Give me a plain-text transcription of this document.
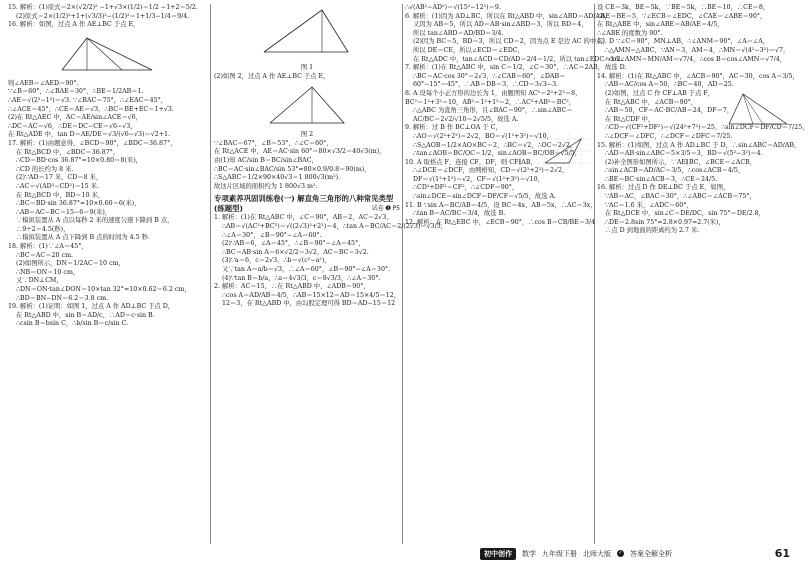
15. 解析：(1)原式＝2×(√2/2)² −1+√3×(1/2)＝1/2 −1+2＝5/2.
(2)原式＝2×(1/2)²+1+(√3/3)²−(1/2)²＝1+1/3−1/4＝9/4.
16. 解析：如图，过点 A 作 AE⊥BC 于点 E，
则∠AEB＝∠AED＝90°.
∵∠B＝60°，∴∠BAE＝30°，∴BE＝1/2AB＝1.
∴AE＝√(2²−1²)＝√3. ∵∠BAC＝75°，∴∠EAC＝45°，
∴∠ACE＝45°，∴CE＝AE＝√3，∴BC＝BE+EC＝1+√3.
(2)在 Rt△AEC 中，AC＝AE/sin∠ACE＝√6，
∴DC＝AC＝√6，∴DE＝DC−CE＝√6−√3，
在 Rt△ADE 中，tan D＝AE/DE＝√3/(√6−√3)＝√2+1.
17. 解析：(1)由题意得，∠BCD＝90°，∠BDC＝36.87°，
在 Rt△BCD 中，∠BDC＝36.87°，
∴CD＝BD·cos 36.87°≈10×0.80＝8(米)，
∴CD 的长约为 8 米.
(2)∵AD＝17 米，CD＝8 米，
∴AC＝√(AD²−CD²)＝15 米.
在 Rt△BCD 中，BD＝10 米，
∴BC＝BD·sin 36.87°≈10×0.60＝6(米)，
∴AB＝AC−BC＝15−6＝9(米)，
∵模拟装置从 A 点以每秒 2 米的速度匀速下降到 B 点，
∴9÷2＝4.5(秒)，
∴模拟装置从 A 点下降到 B 点的时间为 4.5 秒.
18. 解析：(1)∵∠A＝45°，
∴BC＝AC＝20 cm.
(2)如图所示，DN＝1/2AC＝10 cm，
∴NB＝ON＝10 cm，
又∵DN⊥CM，
∴DN＝ON·tan∠DON＝10×tan 32°≈10×0.62＝6.2 cm，
∴BD＝BN−DN＝6.2＝3.8 cm.
19. 解析：(1)证明：如图 1，过点 A 作 AD⊥BC 于点 D，
在 Rt△ABD 中，sin B＝AD/c，∴AD＝c·sin B.
∴csin B＝bsin C，∴b/sin B＝c/sin C.
图 1
(2)如图 2，过点 A 作 AE⊥BC 于点 E，
图 2
∵∠BAC＝67°，∠B＝53°，∴∠C＝60°，
在 Rt△ACE 中，AE＝AC·sin 60°＝80×√3/2＝40√3(m)，
由(1)知 AC/sin B＝BC/sin∠BAC，
∴BC＝AC·sin∠BAC/sin 53°≈80×0.9/0.8＝90(m)，
∴S△ABC＝1/2×90×40√3＝1 800√3(m²).
故这片区域的面积约为 1 800√3 m².
专项素养巩固训练卷(一) 解直角三角形的八种常见类型(练题型)	试卷 ➊ P5
1. 解析：(1)在 Rt△ABC 中，∠C＝90°，AB＝2，AC＝2√3，
∴AB＝√(AC²+BC²)＝√((2√3)²+2²)＝4，∴tan A＝BC/AC＝2/(2√3)＝√3/3，
∴∠A＝30°，∠B＝90°−∠A＝60°.
(2)∵AB＝6，∠A＝45°，∴∠B＝90°−∠A＝45°，
∴BC＝AB·sin A＝6×√2/2＝3√2，AC＝BC＝3√2.
(3)∵a＝6，c＝2√3，∴b＝√(c²−a²)，
又∵tan A＝a/b＝√3，∴∠A＝60°，∠B＝90°−∠A＝30°.
(4)∵tan B＝b/a，∴a＝4√3/3，c＝8√3/3，∴∠A＝30°.
2. 解析：AC＝15，∴在 Rt△ABD 中，∠ADB＝90°，
∴cos A＝AD/AB＝4/5，∴AB＝15×12＝AD＝15×4/5＝12，
12＝3，在 Rt△ABD 中，由勾股定理可得 BD＝AD−15＝12
∴√(AB²−AD²)＝√(15²−12²)＝9.
6. 解析：(1)因为 AD⊥BC，所以在 Rt△ABD 中，sin∠ABD＝AD/AB，
又因为 AB＝5，所以 AD＝AB·sin∠ABD＝3，所以 BD＝4，
所以 tan∠ABD＝AD/BD＝3/4.
(2)因为 BC＝5，BD＝3，所以 CD＝2，因为点 E 是边 AC 的中点，
所以 DE＝CE，所以∠ECD＝∠EDC，
在 Rt△ADC 中，tan∠ACD＝CD/AD＝2/4＝1/2，所以 tan∠EDC＝1/2.
7. 解析：(1)在 Rt△ABC 中，sin C＝1/2，∠C＝30°，∴AC＝2AB，
∴BC＝AC·cos 30°＝2√3，∴∠CAB＝60°，∠DAB＝
60°−15°＝45°，∴AB＝DB＝3，∴CD＝3√3−3.
8. A 设每个小正方形的边长为 1，由题图知 AC²＝2²+2²＝8，BC²＝1²+3²＝10，AB²＝1²+1²＝2，∴AC²+AB²＝BC²，
∴△ABC 为直角三角形，且∠BAC＝90°，∴sin∠ABC＝AC/BC＝2√2/√10＝2√5/5，故选 A.
9. 解析：过 B 作 BC⊥OA 于 C，
∴AO＝√(2²+2²)＝2√2，BO＝√(1²+3²)＝√10，
∴S△AOB＝1/2×AO×BC＝2，∴BC＝√2，∴OC＝2√2，
∴tan∠AOB＝BC/OC＝1/2，sin∠AOB＝BC/OB＝√5/5，
10. A 取格点 F，连接 CF，DF，则 CF∥AB，
∴∠DCE＝∠DCF，由网格知，CD＝√(2²+2²)＝2√2，
DF＝√(1²+1²)＝√2，CF＝√(1²+3²)＝√10，
∴CD²+DF²＝CF²，∴∠CDF＝90°，
∴sin∠DCE＝sin∠DCF＝DF/CF＝√5/5，故选 A.
11. B ∵sin A＝BC/AB＝4/5，设 BC＝4x，AB＝5x，∴AC＝3x，
∴tan B＝AC/BC＝3/4，故选 B.
12. 解析：在 Rt△EBC 中，∠ECB＝90°，∴cos B＝CB/BE＝3/4
设 CE＝3k，BE＝5k，∵BE＝5k，∴BE＝10，∴CE＝8，
∴AE＝BE＝5，∵∠ECB＝∠EDC，∠CAE＝∠ABE＝90°，
在 Rt△ABE 中，sin∠ABE＝AB/AE＝4/5，
∴∠ABE 的度数为 90°.
13. D ∵∠C＝90°，MN⊥AB，∴∠ANM＝90°，∠A＝∠A，
∴△AMN∽△ABC，∵AN＝3，AM＝4，∴MN＝√(4²−3²)＝√7，
∴cos∠AMN＝MN/AM＝√7/4，∴cos B＝cos∠AMN＝√7/4，
故选 D.
14. 解析：(1)在 Rt△ABC 中，∠ACB＝90°，AC＝30，cos A＝3/5，
∴AB＝AC/cos A＝50，∴BC＝40，AD＝25.
(2)如图，过点 C 作 CF⊥AB 于点 F，
在 Rt△ABC 中，∠ACB＝90°，
∴AB＝50，CF＝AC·BC/AB＝24，DF＝7，
在 Rt△CDF 中，
∴CD＝√(CF²+DF²)＝√(24²+7²)＝25，∴sin∠DCF＝DF/CD＝7/25，
∴∠DCF＝∠DFC，∴∠DCF＝∠DFC＝7/25.
15. 解析：(1)如图，过点 A 作 AD⊥BC 于 D，∴sin∠ABC＝AD/AB，
∴AD＝AB·sin∠ABC＝5×3/5＝3，BD＝√(5²−3²)＝4.
(2)补全图形如图所示，∵AE∥BC，∠BCE＝∠ACB，
∴sin∠ACB＝AD/AC＝3/5，∴cos∠ACB＝4/5，
∴BE＝BC·sin∠ACB＝3，∴CE＝24/5.
16. 解析：过点 D 作 DE⊥BC 于点 E，如图，
∵AB＝AC，∠BAC＝30°，∴∠ABC＝∠ACB＝75°，
∵AC＝1.6 米，∠ADC＝60°，
在 Rt△DCE 中，sin∠C＝DE/DC，sin 75°＝DE/2.8，
∴DE＝2.8sin 75°≈2.8×0.97≈2.7(米)，
∴点 D 到地面的距离约为 2.7 米.
初中创作	数学 九年级下册 北师大版 ✓ 答案全解全析	61
